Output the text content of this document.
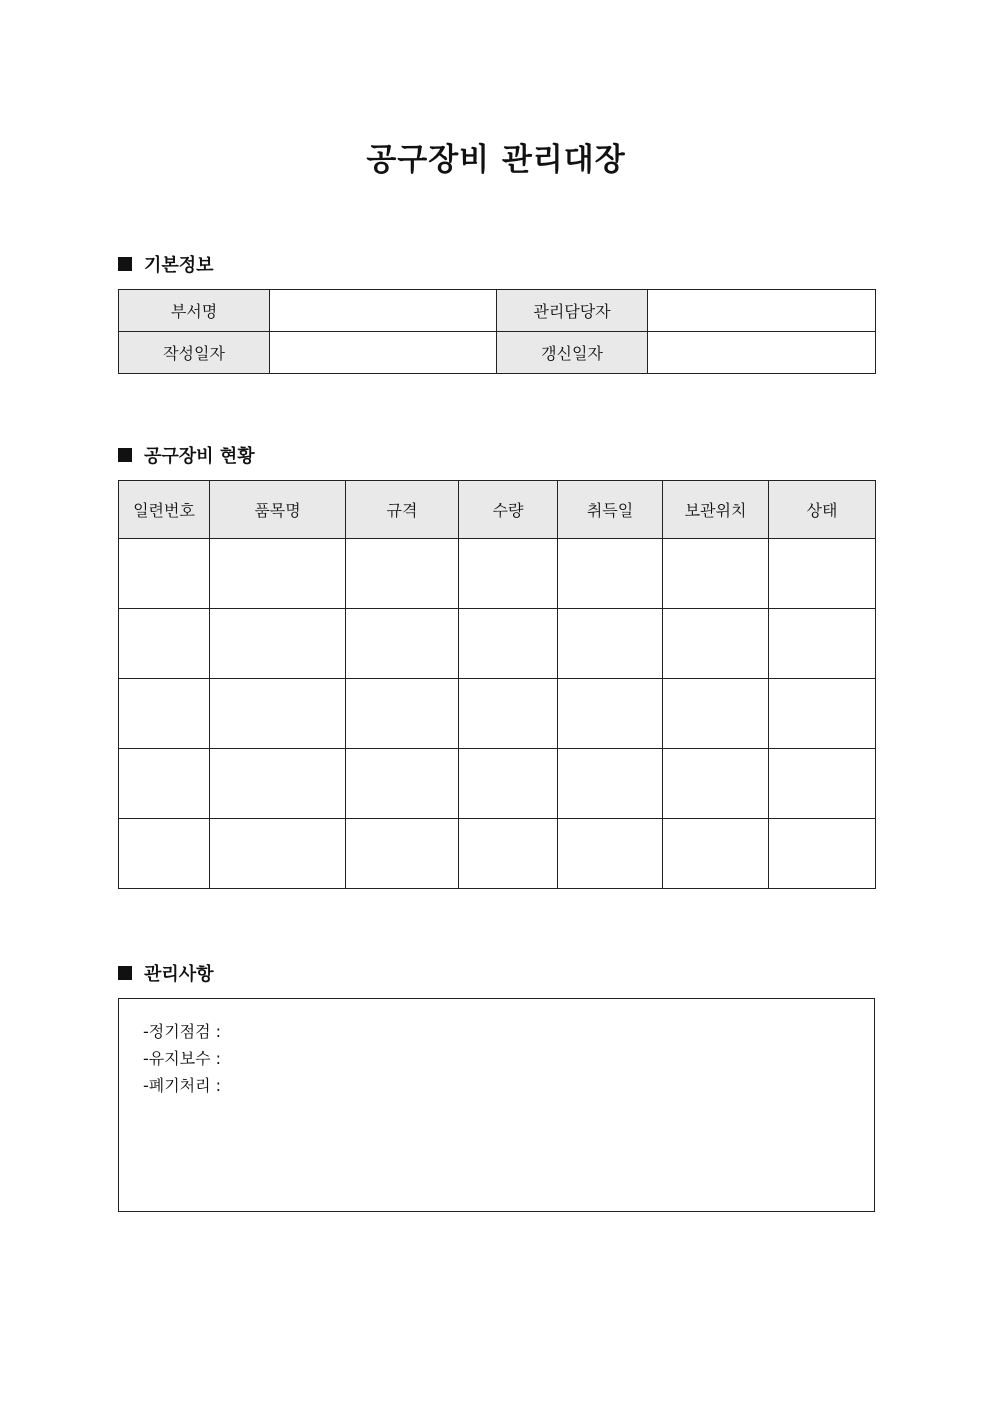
공구장비 관리대장
기본정보
부서명		관리담당자	
작성일자		갱신일자	
공구장비 현황
일련번호	품목명	규격	수량	취득일	보관위치	상태

관리사항
-정기점검 :
-유지보수 :
-폐기처리 :
